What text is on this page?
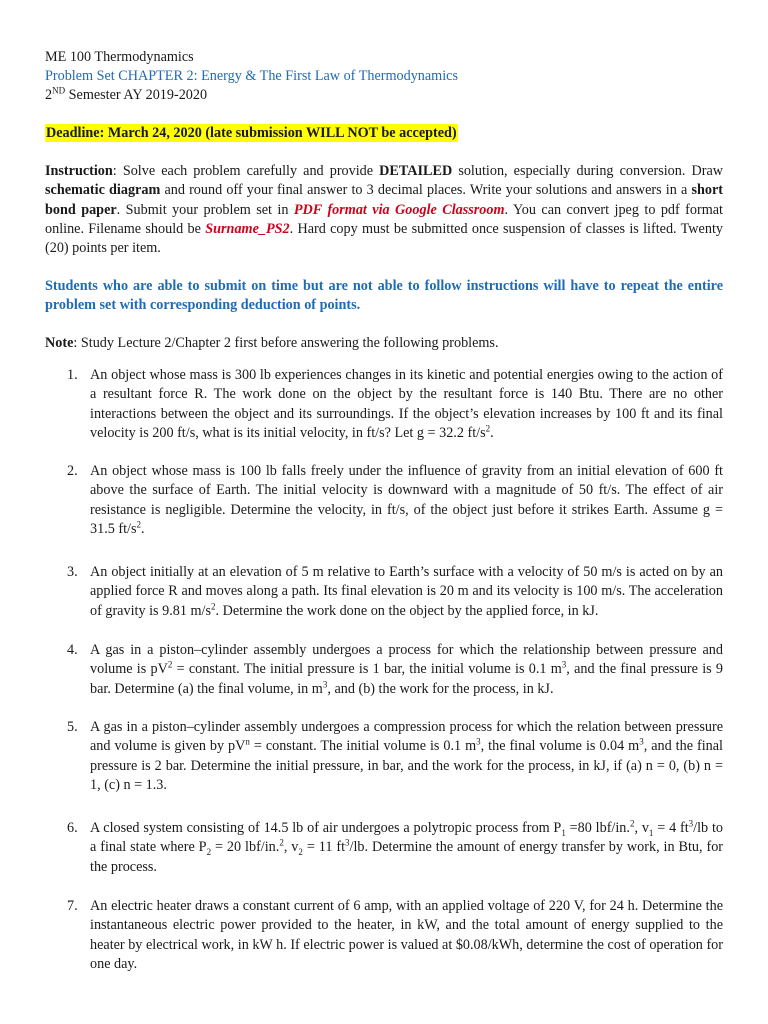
ME 100 Thermodynamics
Problem Set CHAPTER 2: Energy & The First Law of Thermodynamics
2ND Semester AY 2019-2020
Deadline: March 24, 2020 (late submission WILL NOT be accepted)
Instruction: Solve each problem carefully and provide DETAILED solution, especially during conversion. Draw schematic diagram and round off your final answer to 3 decimal places. Write your solutions and answers in a short bond paper. Submit your problem set in PDF format via Google Classroom. You can convert jpeg to pdf format online. Filename should be Surname_PS2. Hard copy must be submitted once suspension of classes is lifted. Twenty (20) points per item.
Students who are able to submit on time but are not able to follow instructions will have to repeat the entire problem set with corresponding deduction of points.
Note: Study Lecture 2/Chapter 2 first before answering the following problems.
1. An object whose mass is 300 lb experiences changes in its kinetic and potential energies owing to the action of a resultant force R. The work done on the object by the resultant force is 140 Btu. There are no other interactions between the object and its surroundings. If the object’s elevation increases by 100 ft and its final velocity is 200 ft/s, what is its initial velocity, in ft/s? Let g = 32.2 $ft/s^2$.
2. An object whose mass is 100 lb falls freely under the influence of gravity from an initial elevation of 600 ft above the surface of Earth. The initial velocity is downward with a magnitude of 50 ft/s. The effect of air resistance is negligible. Determine the velocity, in ft/s, of the object just before it strikes Earth. Assume g = 31.5 $ft/s^2$.
3. An object initially at an elevation of 5 m relative to Earth’s surface with a velocity of 50 m/s is acted on by an applied force R and moves along a path. Its final elevation is 20 m and its velocity is 100 m/s. The acceleration of gravity is 9.81 $m/s^2$. Determine the work done on the object by the applied force, in kJ.
4. A gas in a piston–cylinder assembly undergoes a process for which the relationship between pressure and volume is $pV^2$ = constant. The initial pressure is 1 bar, the initial volume is 0.1 $m^3$, and the final pressure is 9 bar. Determine (a) the final volume, in $m^3$, and (b) the work for the process, in kJ.
5. A gas in a piston–cylinder assembly undergoes a compression process for which the relation between pressure and volume is given by $pV^n$ = constant. The initial volume is 0.1 $m^3$, the final volume is 0.04 $m^3$, and the final pressure is 2 bar. Determine the initial pressure, in bar, and the work for the process, in kJ, if (a) n = 0, (b) n = 1, (c) n = 1.3.
6. A closed system consisting of 14.5 lb of air undergoes a polytropic process from $P_1 =80$ lbf/in.$^2$, $v_1 = 4$ $ft^3/lb$ to a final state where $P_2 = 20$ lbf/in.$^2$, $v_2 = 11$ $ft^3/lb$. Determine the amount of energy transfer by work, in Btu, for the process.
7. An electric heater draws a constant current of 6 amp, with an applied voltage of 220 V, for 24 h. Determine the instantaneous electric power provided to the heater, in kW, and the total amount of energy supplied to the heater by electrical work, in kW h. If electric power is valued at $0.08/kWh, determine the cost of operation for one day.
